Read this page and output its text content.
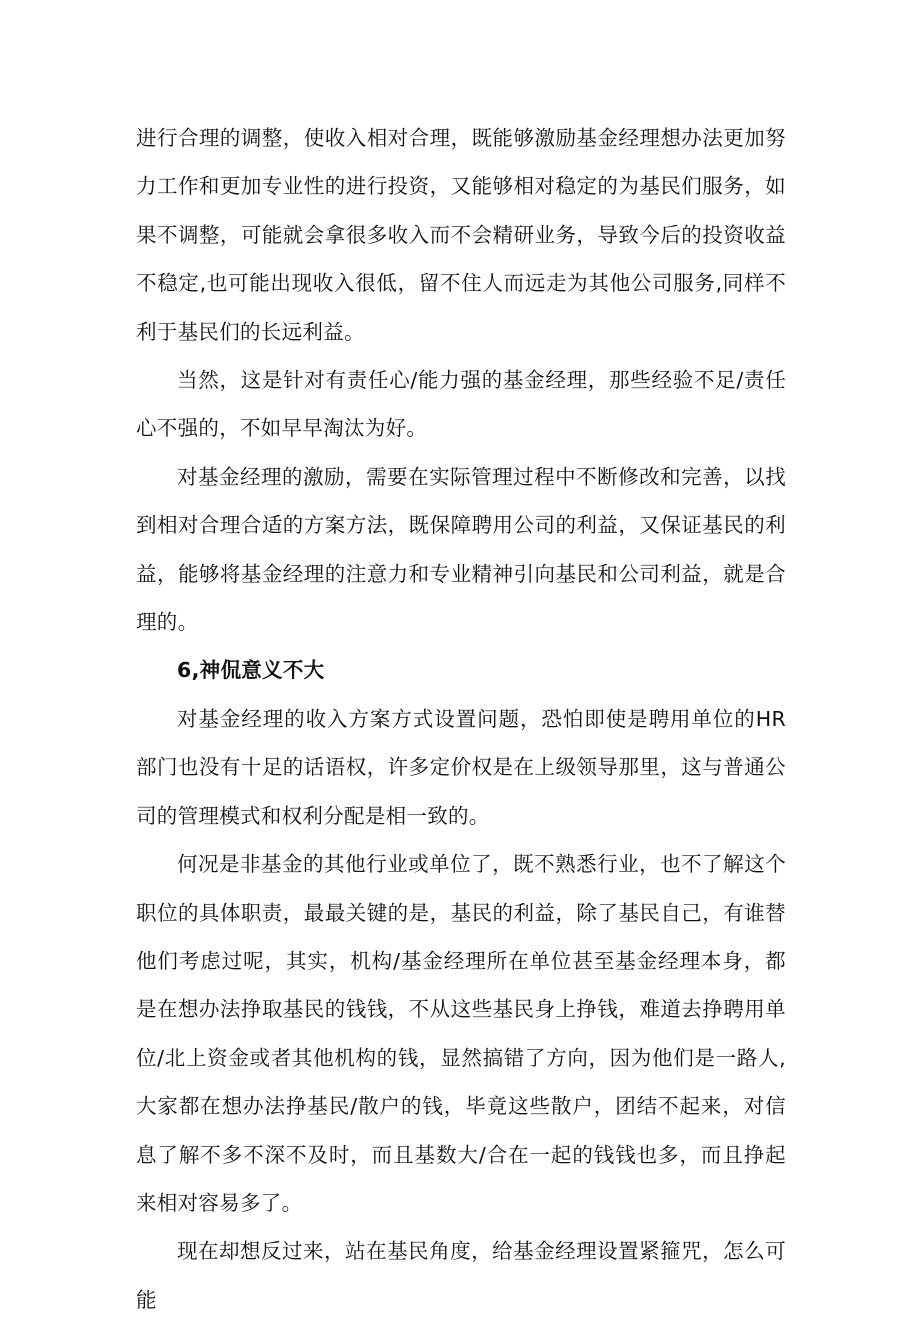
进行合理的调整，使收入相对合理，既能够激励基金经理想办法更加努力工作和更加专业性的进行投资，又能够相对稳定的为基民们服务，如果不调整，可能就会拿很多收入而不会精研业务，导致今后的投资收益不稳定,也可能出现收入很低，留不住人而远走为其他公司服务,同样不利于基民们的长远利益。

当然，这是针对有责任心/能力强的基金经理，那些经验不足/责任心不强的，不如早早淘汰为好。

对基金经理的激励，需要在实际管理过程中不断修改和完善，以找到相对合理合适的方案方法，既保障聘用公司的利益，又保证基民的利益，能够将基金经理的注意力和专业精神引向基民和公司利益，就是合理的。

6,神侃意义不大

对基金经理的收入方案方式设置问题，恐怕即使是聘用单位的HR部门也没有十足的话语权，许多定价权是在上级领导那里，这与普通公司的管理模式和权利分配是相一致的。

何况是非基金的其他行业或单位了，既不熟悉行业，也不了解这个职位的具体职责，最最关键的是，基民的利益，除了基民自己，有谁替他们考虑过呢，其实，机构/基金经理所在单位甚至基金经理本身，都是在想办法挣取基民的钱钱，不从这些基民身上挣钱，难道去挣聘用单位/北上资金或者其他机构的钱，显然搞错了方向，因为他们是一路人,大家都在想办法挣基民/散户的钱，毕竟这些散户，团结不起来，对信息了解不多不深不及时，而且基数大/合在一起的钱钱也多，而且挣起来相对容易多了。

现在却想反过来，站在基民角度，给基金经理设置紧箍咒，怎么可能
